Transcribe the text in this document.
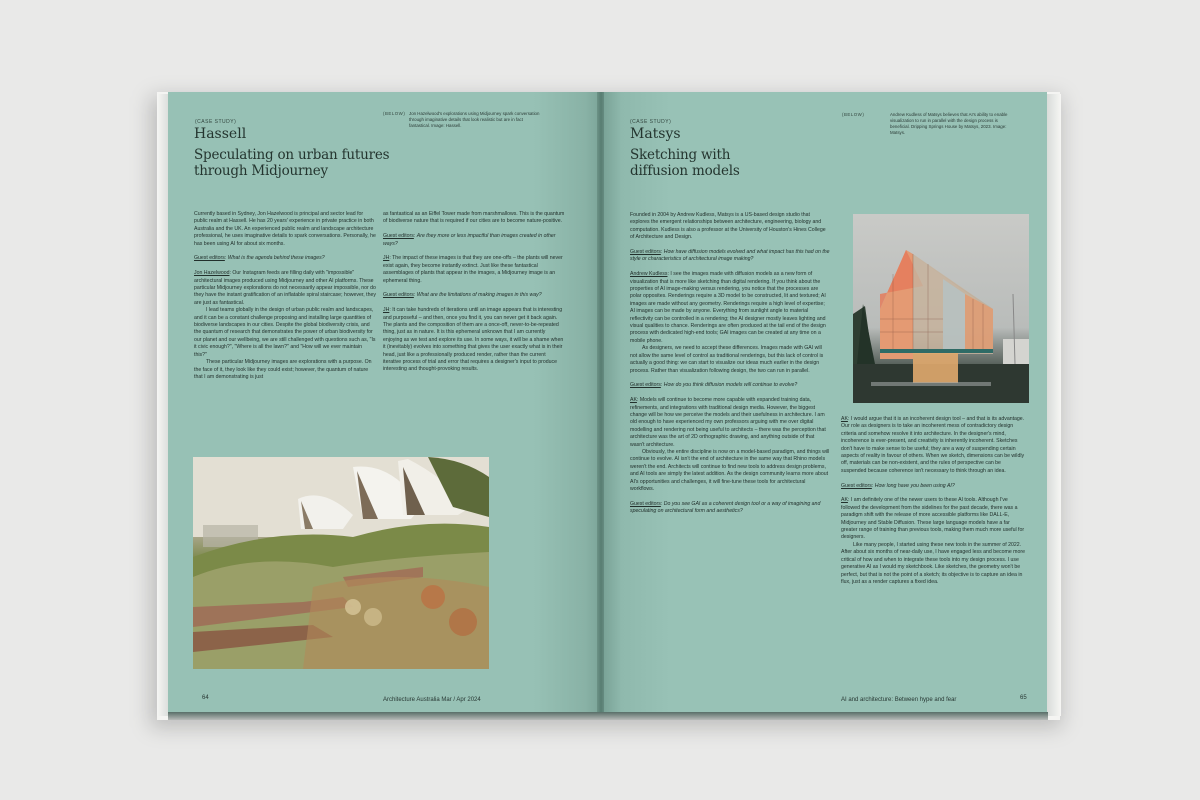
(CASE STUDY)
Hassell
Speculating on urban futures
through Midjourney
(BELOW) Jon Hazelwood's explorations using Midjourney spark conversation through imaginative details that look realistic but are in fact fantastical. Image: Hassell.

Currently based in Sydney, Jon Hazelwood is principal and sector lead for public realm at Hassell. He has 20 years' experience in private practice in both Australia and the UK. An experienced public realm and landscape architecture professional, he uses imaginative details to spark conversations. Personally, he has been using AI for about six months.

Guest editors: What is the agenda behind these images?

Jon Hazelwood: Our Instagram feeds are filling daily with "impossible" architectural images produced using Midjourney and other AI platforms. These particular Midjourney explorations do not necessarily appear impossible, nor do they have the instant gratification of an inflatable spiral staircase; however, they are just as fantastical.

I lead teams globally in the design of urban public realm and landscapes, and it can be a constant challenge proposing and installing large quantities of biodiverse landscapes in our cities. Despite the global biodiversity crisis, and the quantum of research that demonstrates the power of urban biodiversity for our planet and our wellbeing, we are still challenged with questions such as, "Is it civic enough?", "Where is all the lawn?" and "How will we ever maintain this?"

These particular Midjourney images are explorations with a purpose. On the face of it, they look like they could exist; however, the quantum of nature that I am demonstrating is just

as fantastical as an Eiffel Tower made from marshmallows. This is the quantum of biodiverse nature that is required if our cities are to become nature-positive.

Guest editors: Are they more or less impactful than images created in other ways?

JH: The impact of these images is that they are one-offs – the plants will never exist again, they become instantly extinct. Just like these fantastical assemblages of plants that appear in the images, a Midjourney image is an ephemeral thing.

Guest editors: What are the limitations of making images in this way?

JH: It can take hundreds of iterations until an image appears that is interesting and purposeful – and then, once you find it, you can never get it back again. The plants and the composition of them are a once-off, never-to-be-repeated thing, just as in nature. It is this ephemeral unknown that I am currently enjoying as we test and explore its use. In some ways, it will be a shame when it (inevitably) evolves into something that gives the user exactly what is in their head, just like a professionally produced render, rather than the current iterative process of trial and error that requires a designer's input to produce interesting and thought-provoking results.

64	Architecture Australia Mar / Apr 2024
(CASE STUDY)
Matsys
Sketching with
diffusion models
(BELOW)	Andrew Kudless of Matsys believes that AI's ability to enable visualization to run in parallel with the design process is beneficial. Dripping Springs House by Matsys, 2023. Image: Matsys.

Founded in 2004 by Andrew Kudless, Matsys is a US-based design studio that explores the emergent relationships between architecture, engineering, biology and computation. Kudless is also a professor at the University of Houston's Hines College of Architecture and Design.

Guest editors: How have diffusion models evolved and what impact has this had on the style or characteristics of architectural image making?

Andrew Kudless: I see the images made with diffusion models as a new form of visualization that is more like sketching than digital rendering. If you think about the properties of AI image-making versus rendering, you notice that the processes are polar opposites. Renderings require a 3D model to be constructed, lit and textured; AI images are made without any geometry. Renderings require a high level of expertise; AI images can be made by anyone. Everything from sunlight angle to material reflectivity can be controlled in a rendering; the AI designer mostly leaves lighting and visual qualities to chance. Renderings are often produced at the tail end of the design process with dedicated high-end tools; GAI images can be created at any time on a mobile phone.

As designers, we need to accept these differences. Images made with GAI will not allow the same level of control as traditional renderings, but this lack of control is actually a good thing: we can start to visualize our ideas much earlier in the design process. Rather than visualization following design, the two can run in parallel.

Guest editors: How do you think diffusion models will continue to evolve?

AK: Models will continue to become more capable with expanded training data, refinements, and integrations with traditional design media. However, the biggest change will be how we perceive the models and their usefulness in architecture. I am old enough to have experienced my own professors arguing with me over digital modelling and rendering not being useful to architects – there was the perception that architecture was the art of 2D orthographic drawing, and anything outside of that wasn't architecture.

Obviously, the entire discipline is now on a model-based paradigm, and things will continue to evolve. AI isn't the end of architecture in the same way that Rhino models weren't the end. Architects will continue to find new tools to address design problems, and AI tools are simply the latest addition. As the design community learns more about AI's opportunities and challenges, it will fine-tune these tools for architectural workflows.

Guest editors: Do you see GAI as a coherent design tool or a way of imagining and speculating on architectural form and aesthetics?

AK: I would argue that it is an incoherent design tool – and that is its advantage. Our role as designers is to take an incoherent mess of contradictory design criteria and somehow resolve it into architecture. In the designer's mind, incoherence is ever-present, and creativity is inherently incoherent. Sketches don't have to make sense to be useful; they are a way of suspending certain aspects of reality in favour of others. When we sketch, dimensions can be wildly off, materials can be non-existent, and the rules of perspective can be suspended because coherence isn't necessary to think through an idea.

Guest editors: How long have you been using AI?

AK: I am definitely one of the newer users to these AI tools. Although I've followed the development from the sidelines for the past decade, there was a paradigm shift with the release of more accessible platforms like DALL-E, Midjourney and Stable Diffusion. These large language models have a far greater range of training than previous tools, making them much more useful for designers.

Like many people, I started using these new tools in the summer of 2022. After about six months of near-daily use, I have engaged less and become more critical of how and when to integrate these tools into my design process. I use generative AI as I would my sketchbook. Like sketches, the geometry won't be perfect, but that is not the point of a sketch; its objective is to capture an idea in flux, just as a render captures a fixed idea.

AI and architecture: Between hype and fear	65
